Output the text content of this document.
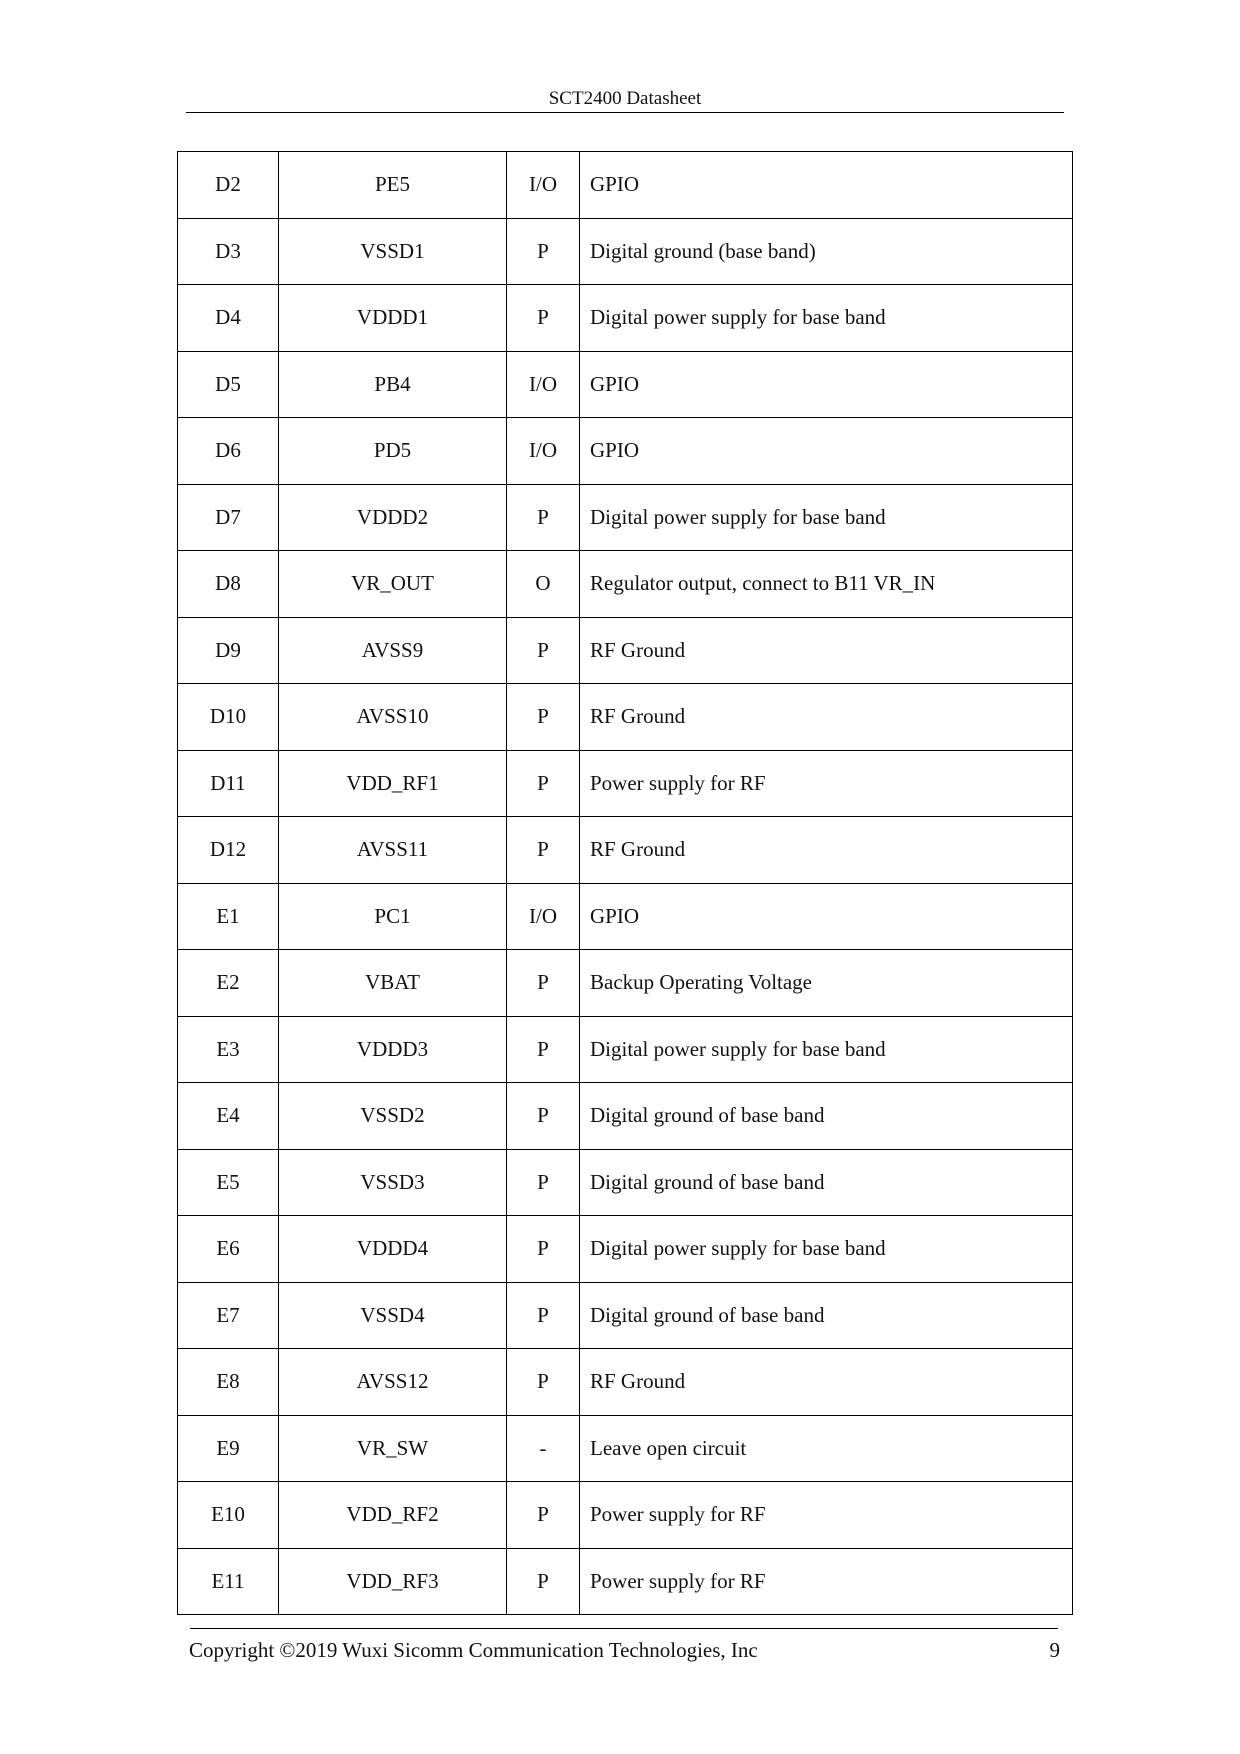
SCT2400 Datasheet
D2	PE5	I/O	GPIO
D3	VSSD1	P	Digital ground (base band)
D4	VDDD1	P	Digital power supply for base band
D5	PB4	I/O	GPIO
D6	PD5	I/O	GPIO
D7	VDDD2	P	Digital power supply for base band
D8	VR_OUT	O	Regulator output, connect to B11 VR_IN
D9	AVSS9	P	RF Ground
D10	AVSS10	P	RF Ground
D11	VDD_RF1	P	Power supply for RF
D12	AVSS11	P	RF Ground
E1	PC1	I/O	GPIO
E2	VBAT	P	Backup Operating Voltage
E3	VDDD3	P	Digital power supply for base band
E4	VSSD2	P	Digital ground of base band
E5	VSSD3	P	Digital ground of base band
E6	VDDD4	P	Digital power supply for base band
E7	VSSD4	P	Digital ground of base band
E8	AVSS12	P	RF Ground
E9	VR_SW	-	Leave open circuit
E10	VDD_RF2	P	Power supply for RF
E11	VDD_RF3	P	Power supply for RF
Copyright ©2019 Wuxi Sicomm Communication Technologies, Inc	9
